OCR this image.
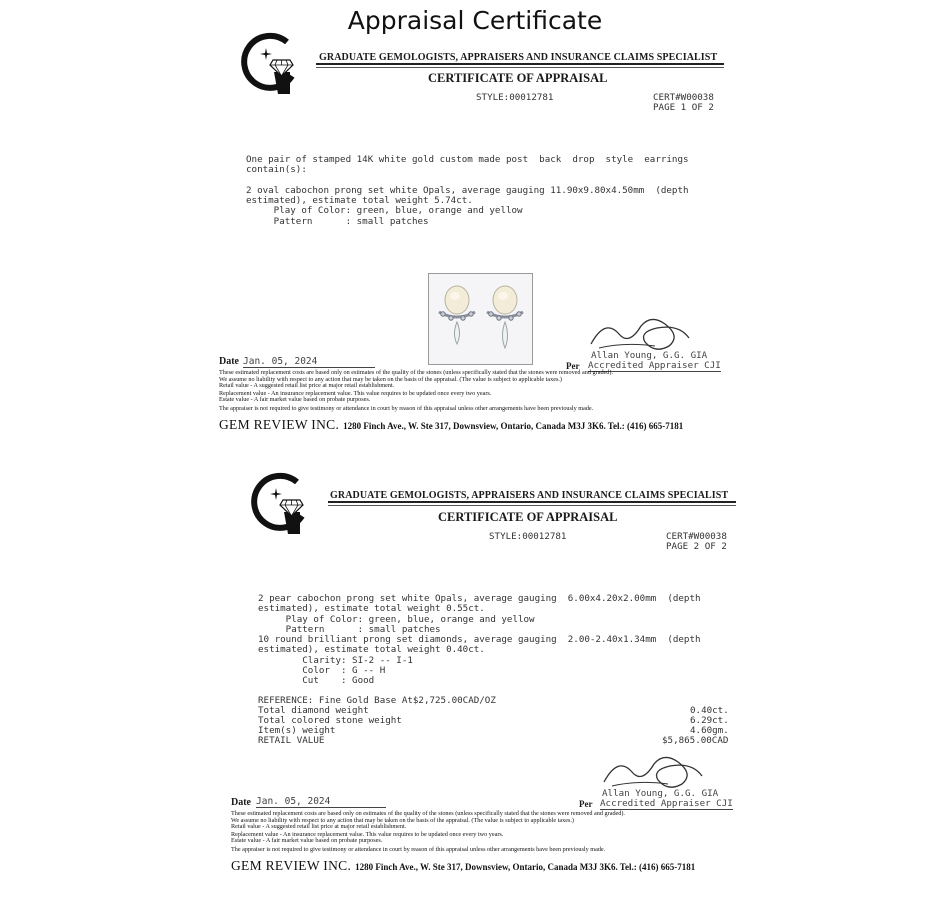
Appraisal Certificate
GRADUATE GEMOLOGISTS, APPRAISERS AND INSURANCE CLAIMS SPECIALIST
CERTIFICATE OF APPRAISAL
STYLE:00012781	CERT#W00038
PAGE 1 OF 2
One pair of stamped 14K white gold custom made post  back  drop  style  earrings
contain(s):

2 oval cabochon prong set white Opals, average gauging 11.90x9.80x4.50mm  (depth
estimated), estimate total weight 5.74ct.
Play of Color: green, blue, orange and yellow
Pattern      : small patches
Allan Young, G.G. GIA
Per Accredited Appraiser CJI
Date Jan. 05, 2024
These estimated replacement costs are based only on estimates of the quality of the stones (unless specifically stated that the stones were removed and graded).
We assume no liability with respect to any action that may be taken on the basis of the appraisal. (The value is subject to applicable taxes.)
Retail value - A suggested retail list price at major retail establishment.
Replacement value - An insurance replacement value. This value requires to be updated once every two years.
Estate value - A fair market value based on probate purposes.
The appraiser is not required to give testimony or attendance in court by reason of this appraisal unless other arrangements have been previously made.
GEM REVIEW INC. 1280 Finch Ave., W. Ste 317, Downsview, Ontario, Canada M3J 3K6. Tel.: (416) 665-7181
GRADUATE GEMOLOGISTS, APPRAISERS AND INSURANCE CLAIMS SPECIALIST
CERTIFICATE OF APPRAISAL
STYLE:00012781	CERT#W00038
PAGE 2 OF 2
2 pear cabochon prong set white Opals, average gauging  6.00x4.20x2.00mm  (depth
estimated), estimate total weight 0.55ct.
Play of Color: green, blue, orange and yellow
Pattern      : small patches
10 round brilliant prong set diamonds, average gauging  2.00-2.40x1.34mm  (depth
estimated), estimate total weight 0.40ct.
Clarity: SI-2 -- I-1
Color  : G -- H
Cut    : Good
REFERENCE: Fine Gold Base At$2,725.00CAD/OZ
Total diamond weight	0.40ct.
Total colored stone weight	6.29ct.
Item(s) weight	4.60gm.
RETAIL VALUE	$5,865.00CAD
Allan Young, G.G. GIA
Per Accredited Appraiser CJI
Date Jan. 05, 2024
These estimated replacement costs are based only on estimates of the quality of the stones (unless specifically stated that the stones were removed and graded).
We assume no liability with respect to any action that may be taken on the basis of the appraisal. (The value is subject to applicable taxes.)
Retail value - A suggested retail list price at major retail establishment.
Replacement value - An insurance replacement value. This value requires to be updated once every two years.
Estate value - A fair market value based on probate purposes.
The appraiser is not required to give testimony or attendance in court by reason of this appraisal unless other arrangements have been previously made.
GEM REVIEW INC. 1280 Finch Ave., W. Ste 317, Downsview, Ontario, Canada M3J 3K6. Tel.: (416) 665-7181
